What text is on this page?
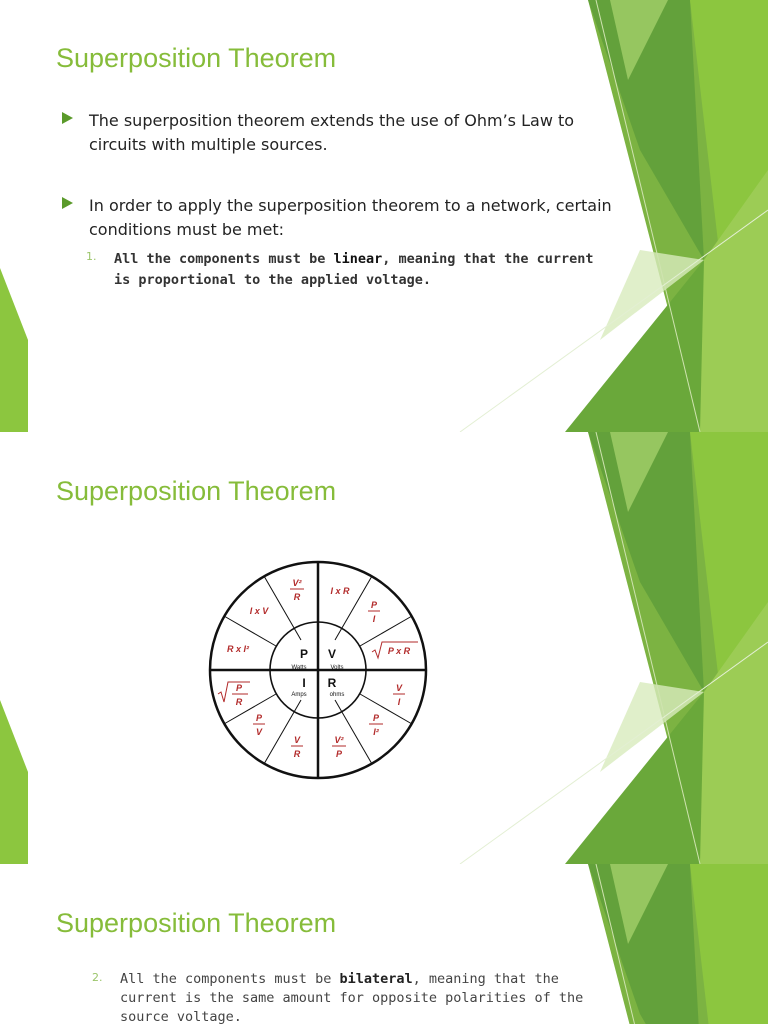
Superposition Theorem
The superposition theorem extends the use of Ohm’s Law to circuits with multiple sources.
In order to apply the superposition theorem to a network, certain conditions must be met:
1. All the components must be linear, meaning that the current is proportional to the applied voltage.
Superposition Theorem
P
Watts
V
Volts
I
Amps
R
ohms
V²
R
I x V
R x I²
I x R
P
I
P x R
P
R
P
V
V
R
V
I
P
I²
V²
P
Superposition Theorem
2. All the components must be bilateral, meaning that the current is the same amount for opposite polarities of the source voltage.
